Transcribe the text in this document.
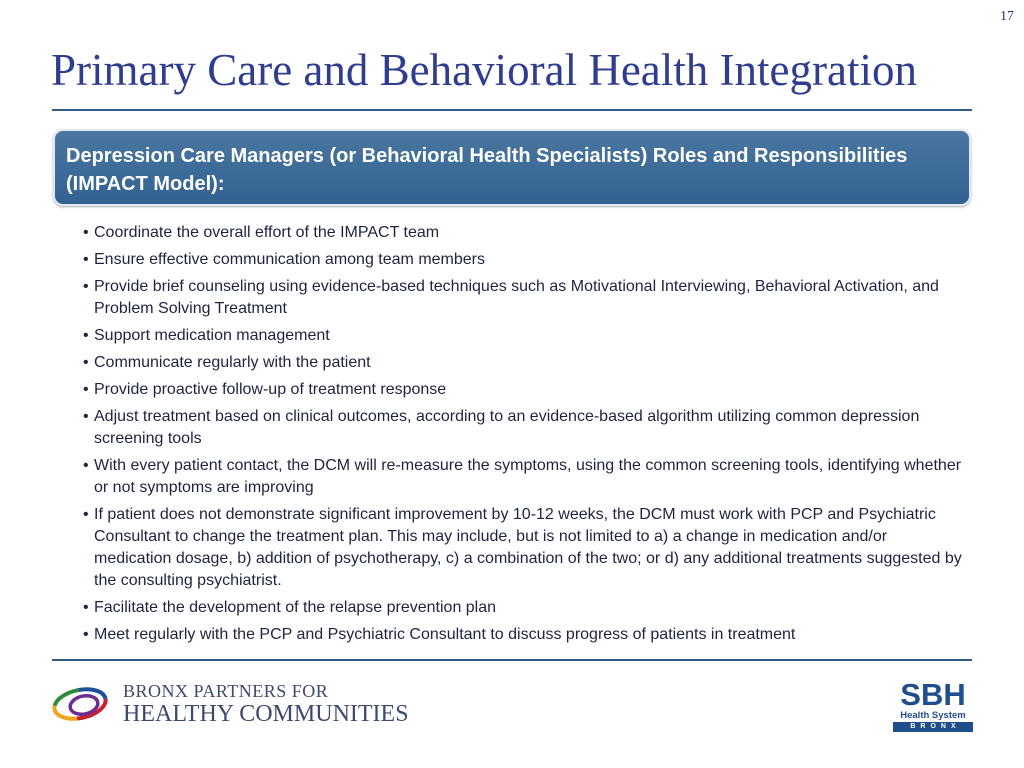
17
Primary Care and Behavioral Health Integration
Depression Care Managers (or Behavioral Health Specialists) Roles and Responsibilities (IMPACT Model):
• Coordinate the overall effort of the IMPACT team
• Ensure effective communication among team members
• Provide brief counseling using evidence-based techniques such as Motivational Interviewing, Behavioral Activation, and Problem Solving Treatment
• Support medication management
• Communicate regularly with the patient
• Provide proactive follow-up of treatment response
• Adjust treatment based on clinical outcomes, according to an evidence-based algorithm utilizing common depression screening tools
• With every patient contact, the DCM will re-measure the symptoms, using the common screening tools, identifying whether or not symptoms are improving
• If patient does not demonstrate significant improvement by 10-12 weeks, the DCM must work with PCP and Psychiatric Consultant to change the treatment plan. This may include, but is not limited to a) a change in medication and/or medication dosage, b) addition of psychotherapy, c) a combination of the two; or d) any additional treatments suggested by the consulting psychiatrist.
• Facilitate the development of the relapse prevention plan
• Meet regularly with the PCP and Psychiatric Consultant to discuss progress of patients in treatment
BRONX PARTNERS FOR
HEALTHY COMMUNITIES
SBH
Health System
BRONX
